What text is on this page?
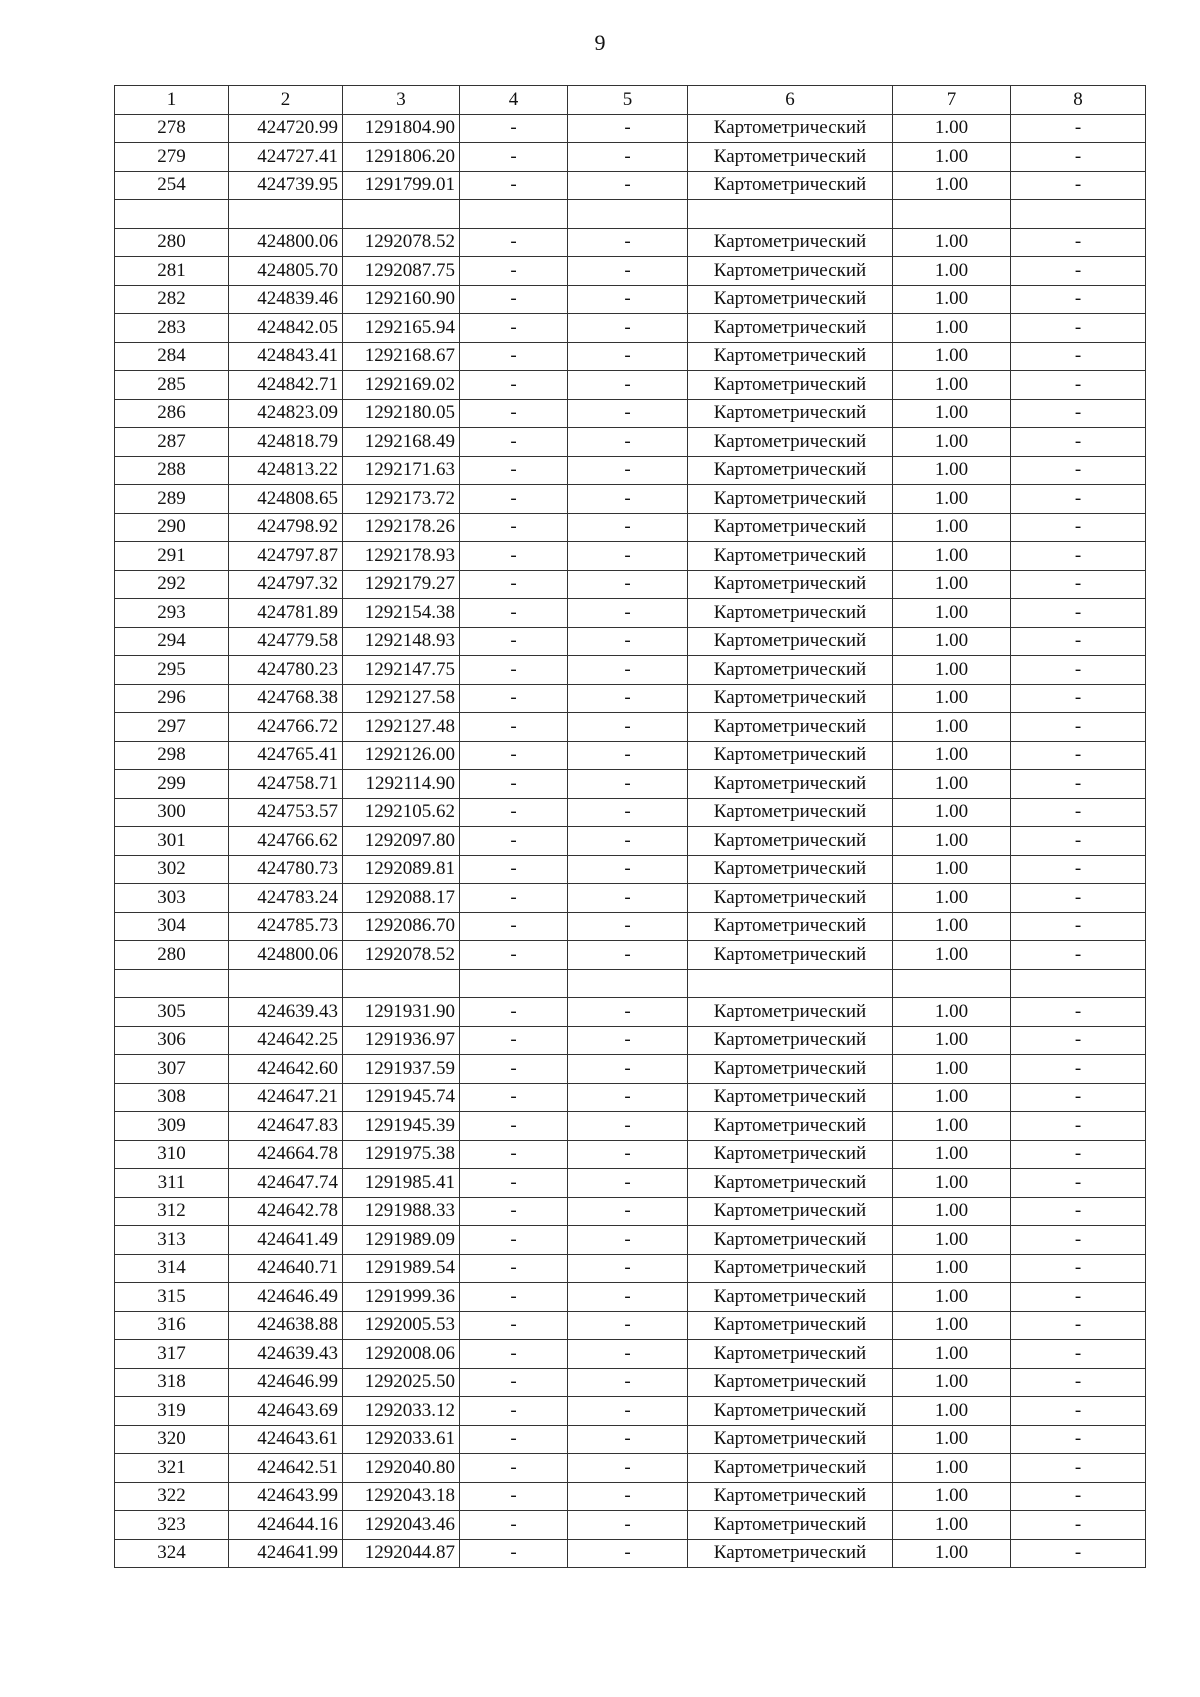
9
1	2	3	4	5	6	7	8
278	424720.99	1291804.90	-	-	Картометрический	1.00	-
279	424727.41	1291806.20	-	-	Картометрический	1.00	-
254	424739.95	1291799.01	-	-	Картометрический	1.00	-

280	424800.06	1292078.52	-	-	Картометрический	1.00	-
281	424805.70	1292087.75	-	-	Картометрический	1.00	-
282	424839.46	1292160.90	-	-	Картометрический	1.00	-
283	424842.05	1292165.94	-	-	Картометрический	1.00	-
284	424843.41	1292168.67	-	-	Картометрический	1.00	-
285	424842.71	1292169.02	-	-	Картометрический	1.00	-
286	424823.09	1292180.05	-	-	Картометрический	1.00	-
287	424818.79	1292168.49	-	-	Картометрический	1.00	-
288	424813.22	1292171.63	-	-	Картометрический	1.00	-
289	424808.65	1292173.72	-	-	Картометрический	1.00	-
290	424798.92	1292178.26	-	-	Картометрический	1.00	-
291	424797.87	1292178.93	-	-	Картометрический	1.00	-
292	424797.32	1292179.27	-	-	Картометрический	1.00	-
293	424781.89	1292154.38	-	-	Картометрический	1.00	-
294	424779.58	1292148.93	-	-	Картометрический	1.00	-
295	424780.23	1292147.75	-	-	Картометрический	1.00	-
296	424768.38	1292127.58	-	-	Картометрический	1.00	-
297	424766.72	1292127.48	-	-	Картометрический	1.00	-
298	424765.41	1292126.00	-	-	Картометрический	1.00	-
299	424758.71	1292114.90	-	-	Картометрический	1.00	-
300	424753.57	1292105.62	-	-	Картометрический	1.00	-
301	424766.62	1292097.80	-	-	Картометрический	1.00	-
302	424780.73	1292089.81	-	-	Картометрический	1.00	-
303	424783.24	1292088.17	-	-	Картометрический	1.00	-
304	424785.73	1292086.70	-	-	Картометрический	1.00	-
280	424800.06	1292078.52	-	-	Картометрический	1.00	-

305	424639.43	1291931.90	-	-	Картометрический	1.00	-
306	424642.25	1291936.97	-	-	Картометрический	1.00	-
307	424642.60	1291937.59	-	-	Картометрический	1.00	-
308	424647.21	1291945.74	-	-	Картометрический	1.00	-
309	424647.83	1291945.39	-	-	Картометрический	1.00	-
310	424664.78	1291975.38	-	-	Картометрический	1.00	-
311	424647.74	1291985.41	-	-	Картометрический	1.00	-
312	424642.78	1291988.33	-	-	Картометрический	1.00	-
313	424641.49	1291989.09	-	-	Картометрический	1.00	-
314	424640.71	1291989.54	-	-	Картометрический	1.00	-
315	424646.49	1291999.36	-	-	Картометрический	1.00	-
316	424638.88	1292005.53	-	-	Картометрический	1.00	-
317	424639.43	1292008.06	-	-	Картометрический	1.00	-
318	424646.99	1292025.50	-	-	Картометрический	1.00	-
319	424643.69	1292033.12	-	-	Картометрический	1.00	-
320	424643.61	1292033.61	-	-	Картометрический	1.00	-
321	424642.51	1292040.80	-	-	Картометрический	1.00	-
322	424643.99	1292043.18	-	-	Картометрический	1.00	-
323	424644.16	1292043.46	-	-	Картометрический	1.00	-
324	424641.99	1292044.87	-	-	Картометрический	1.00	-
